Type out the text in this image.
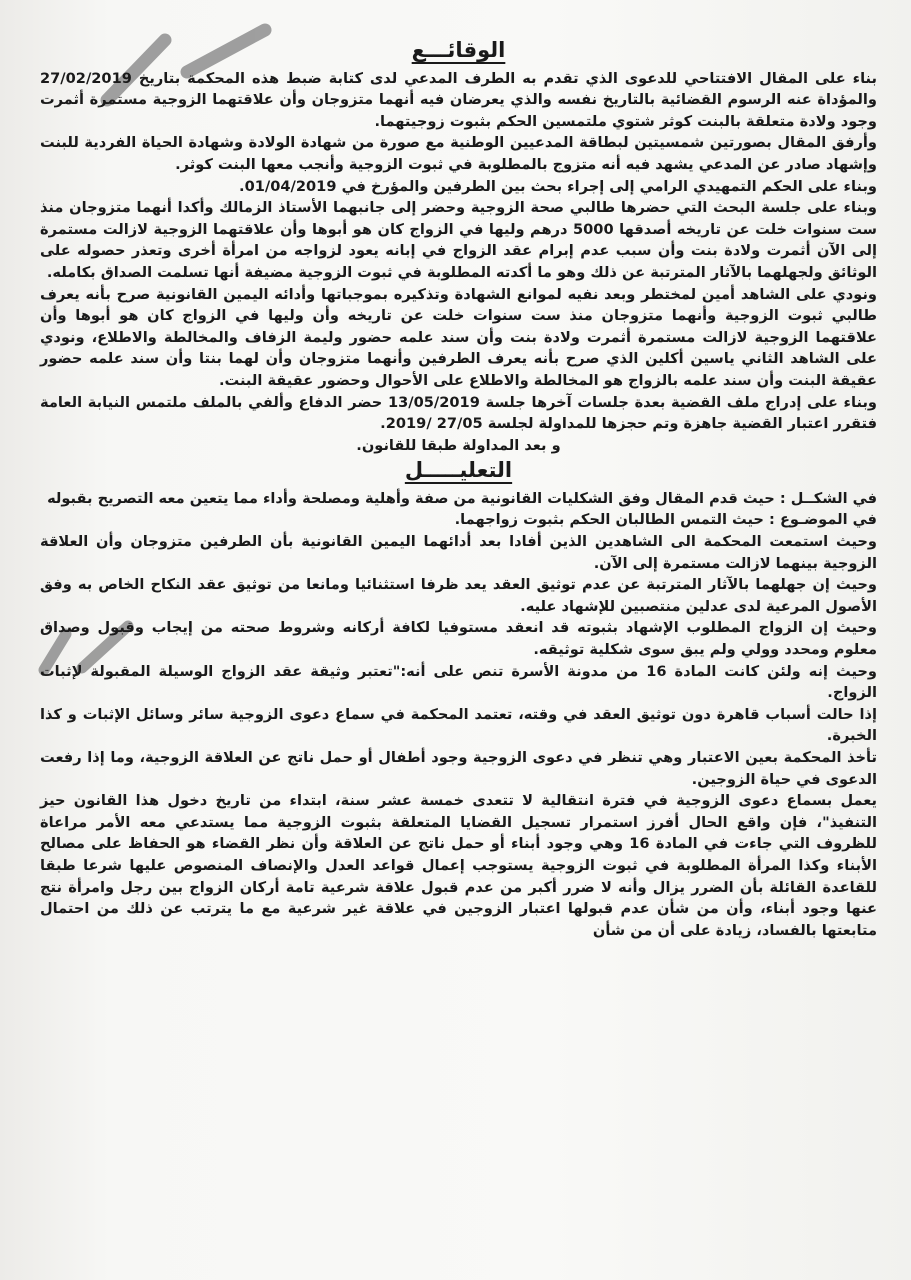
الوقائـــع

بناء على المقال الافتتاحي للدعوى الذي تقدم به الطرف المدعي لدى كتابة ضبط هذه المحكمة بتاريخ 27/02/2019 والمؤداة عنه الرسوم القضائية بالتاريخ نفسه والذي يعرضان فيه أنهما متزوجان وأن علاقتهما الزوجية مستمرة أثمرت وجود ولادة متعلقة بالبنت كوثر شتوي ملتمسين الحكم بثبوت زوجيتهما.

وأرفق المقال بصورتين شمسيتين لبطاقة المدعيين الوطنية مع صورة من شهادة الولادة وشهادة الحياة الفردية للبنت وإشهاد صادر عن المدعي يشهد فيه أنه متزوج بالمطلوبة في ثبوت الزوجية وأنجب معها البنت كوثر.

وبناء على الحكم التمهيدي الرامي إلى إجراء بحث بين الطرفين والمؤرخ في 01/04/2019.

وبناء على جلسة البحث التي حضرها طالبي صحة الزوجية وحضر إلى جانبهما الأستاذ الزمالك وأكدا أنهما متزوجان منذ ست سنوات خلت عن تاريخه أصدقها 5000 درهم وليها في الزواج كان هو أبوها وأن علاقتهما الزوجية لازالت مستمرة إلى الآن أثمرت ولادة بنت وأن سبب عدم إبرام عقد الزواج في إبانه يعود لزواجه من امرأة أخرى وتعذر حصوله على الوثائق ولجهلهما بالآثار المترتبة عن ذلك وهو ما أكدته المطلوبة في ثبوت الزوجية مضيفة أنها تسلمت الصداق بكامله.

ونودي على الشاهد أمين لمختطر وبعد نفيه لموانع الشهادة وتذكيره بموجباتها وأدائه اليمين القانونية صرح بأنه يعرف طالبي ثبوت الزوجية وأنهما متزوجان منذ ست سنوات خلت عن تاريخه وأن وليها في الزواج كان هو أبوها وأن علاقتهما الزوجية لازالت مستمرة أثمرت ولادة بنت وأن سند علمه حضور وليمة الزفاف والمخالطة والاطلاع، ونودي على الشاهد الثاني ياسين أكلين الذي صرح بأنه يعرف الطرفين وأنهما متزوجان وأن لهما بنتا وأن سند علمه حضور عقيقة البنت وأن سند علمه بالزواج هو المخالطة والاطلاع على الأحوال وحضور عقيقة البنت.

وبناء على إدراج ملف القضية بعدة جلسات آخرها جلسة 13/05/2019 حضر الدفاع وألفي بالملف ملتمس النيابة العامة فتقرر اعتبار القضية جاهزة وتم حجزها للمداولة لجلسة 27/05 /2019.

و بعد المداولة طبقا للقانون.

التعليـــــل

في الشكــل : حيث قدم المقال وفق الشكليات القانونية من صفة وأهلية ومصلحة وأداء مما يتعين معه التصريح بقبوله

في الموضـوع : حيث التمس الطالبان الحكم بثبوت زواجهما.

وحيث استمعت المحكمة الى الشاهدين الذين أفادا بعد أدائهما اليمين القانونية بأن الطرفين متزوجان وأن العلاقة الزوجية بينهما لازالت مستمرة إلى الآن.

وحيث إن جهلهما بالآثار المترتبة عن عدم توثيق العقد يعد ظرفا استثنائيا ومانعا من توثيق عقد النكاح الخاص به وفق الأصول المرعية لدى عدلين منتصبين للإشهاد عليه.

وحيث إن الزواج المطلوب الإشهاد بثبوته قد انعقد مستوفيا لكافة أركانه وشروط صحته من إيجاب وقبول وصداق معلوم ومحدد وولي ولم يبق سوى شكلية توثيقه.

وحيث إنه ولئن كانت المادة 16 من مدونة الأسرة تنص على أنه:"تعتبر وثيقة عقد الزواج الوسيلة المقبولة لإثبات الزواج.

إذا حالت أسباب قاهرة دون توثيق العقد في وقته، تعتمد المحكمة في سماع دعوى الزوجية سائر وسائل الإثبات و كذا الخبرة.

تأخذ المحكمة بعين الاعتبار وهي تنظر في دعوى الزوجية وجود أطفال أو حمل ناتج عن العلاقة الزوجية، وما إذا رفعت الدعوى في حياة الزوجين.

يعمل بسماع دعوى الزوجية في فترة انتقالية لا تتعدى خمسة عشر سنة، ابتداء من تاريخ دخول هذا القانون حيز التنفيذ"، فإن واقع الحال أفرز استمرار تسجيل القضايا المتعلقة بثبوت الزوجية مما يستدعي معه الأمر مراعاة للظروف التي جاءت في المادة 16 وهي وجود أبناء أو حمل ناتج عن العلاقة وأن نظر القضاء هو الحفاظ على مصالح الأبناء وكذا المرأة المطلوبة في ثبوت الزوجية يستوجب إعمال قواعد العدل والإنصاف المنصوص عليها شرعا طبقا للقاعدة القائلة بأن الضرر يزال وأنه لا ضرر أكبر من عدم قبول علاقة شرعية تامة أركان الزواج بين رجل وامرأة نتج عنها وجود أبناء، وأن من شأن عدم قبولها اعتبار الزوجين في علاقة غير شرعية مع ما يترتب عن ذلك من احتمال متابعتها بالفساد، زيادة على أن من شأن
